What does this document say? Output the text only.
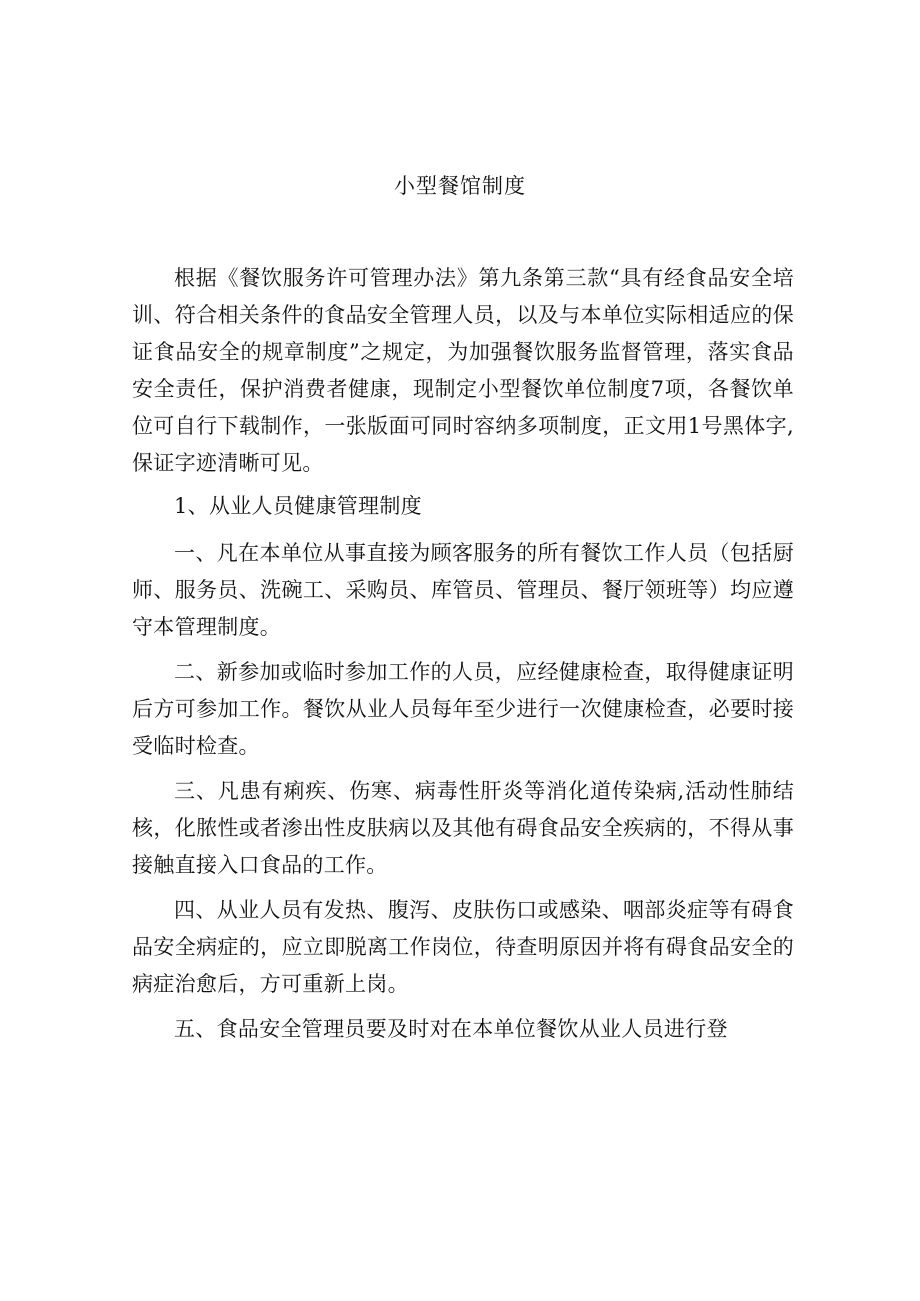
小型餐馆制度

根据《餐饮服务许可管理办法》第九条第三款“具有经食品安全培训、符合相关条件的食品安全管理人员，以及与本单位实际相适应的保证食品安全的规章制度”之规定，为加强餐饮服务监督管理，落实食品安全责任，保护消费者健康，现制定小型餐饮单位制度7项，各餐饮单位可自行下载制作，一张版面可同时容纳多项制度，正文用1号黑体字,保证字迹清晰可见。

1、从业人员健康管理制度

一、凡在本单位从事直接为顾客服务的所有餐饮工作人员（包括厨师、服务员、洗碗工、采购员、库管员、管理员、餐厅领班等）均应遵守本管理制度。

二、新参加或临时参加工作的人员，应经健康检查，取得健康证明后方可参加工作。餐饮从业人员每年至少进行一次健康检查，必要时接受临时检查。

三、凡患有痢疾、伤寒、病毒性肝炎等消化道传染病,活动性肺结核，化脓性或者渗出性皮肤病以及其他有碍食品安全疾病的，不得从事接触直接入口食品的工作。

四、从业人员有发热、腹泻、皮肤伤口或感染、咽部炎症等有碍食品安全病症的，应立即脱离工作岗位，待查明原因并将有碍食品安全的病症治愈后，方可重新上岗。

五、食品安全管理员要及时对在本单位餐饮从业人员进行登
